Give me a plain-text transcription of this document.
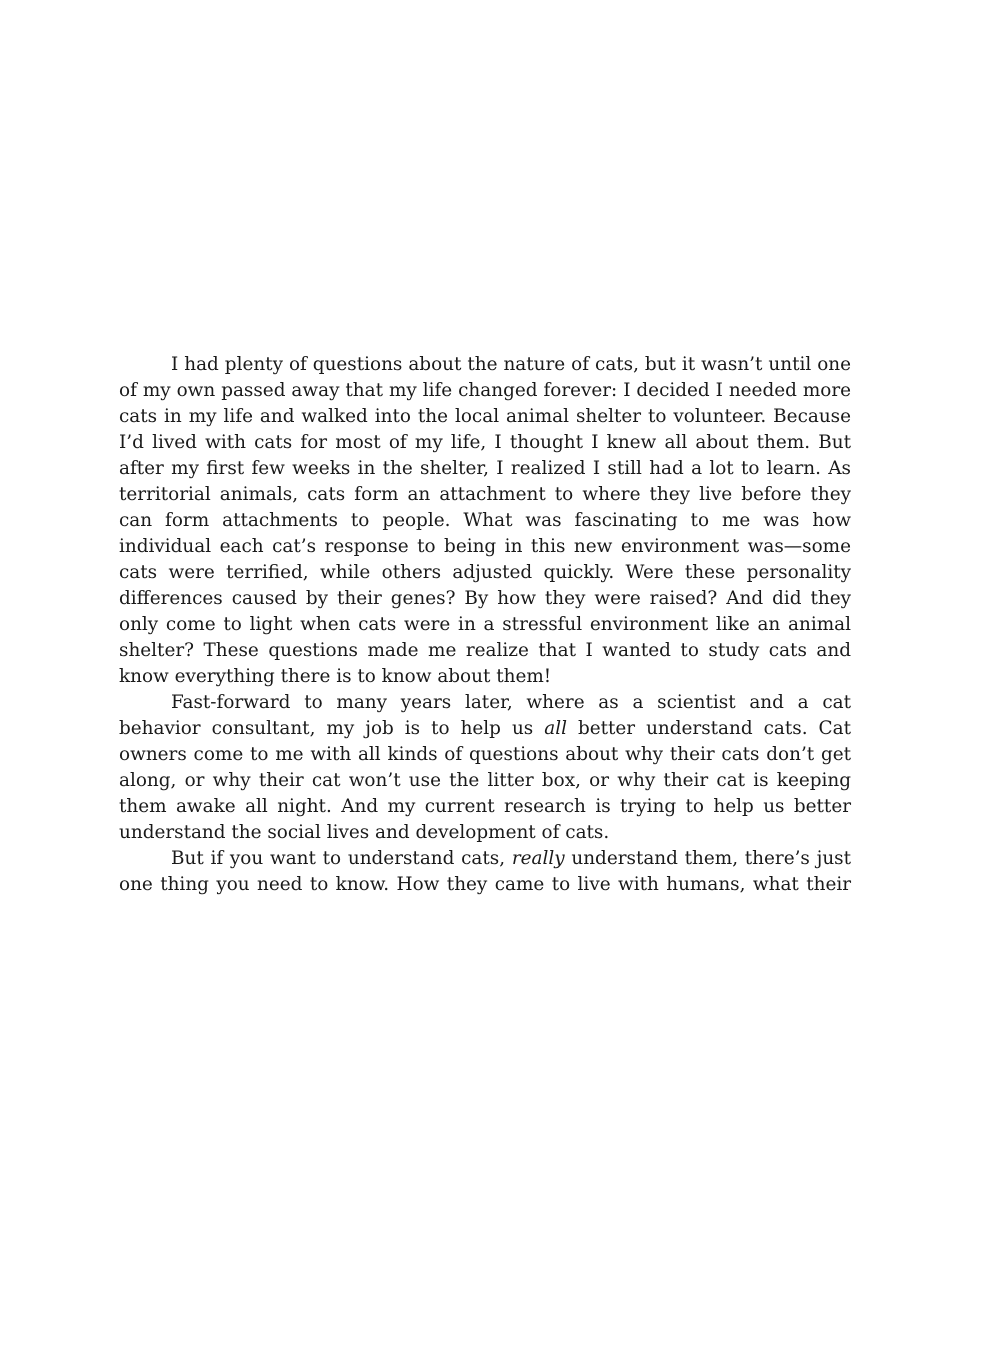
I had plenty of questions about the nature of cats, but it wasn’t until one of my own passed away that my life changed forever: I decided I needed more cats in my life and walked into the local animal shelter to volunteer. Because I’d lived with cats for most of my life, I thought I knew all about them. But after my first few weeks in the shelter, I realized I still had a lot to learn. As territorial animals, cats form an attachment to where they live before they can form attachments to people. What was fascinating to me was how individual each cat’s response to being in this new environment was—some cats were terrified, while others adjusted quickly. Were these personality differences caused by their genes? By how they were raised? And did they only come to light when cats were in a stressful environment like an animal shelter? These questions made me realize that I wanted to study cats and know everything there is to know about them!

Fast-forward to many years later, where as a scientist and a cat behavior consultant, my job is to help us all better understand cats. Cat owners come to me with all kinds of questions about why their cats don’t get along, or why their cat won’t use the litter box, or why their cat is keeping them awake all night. And my current research is trying to help us better understand the social lives and development of cats.

But if you want to understand cats, really understand them, there’s just one thing you need to know. How they came to live with humans, what their
